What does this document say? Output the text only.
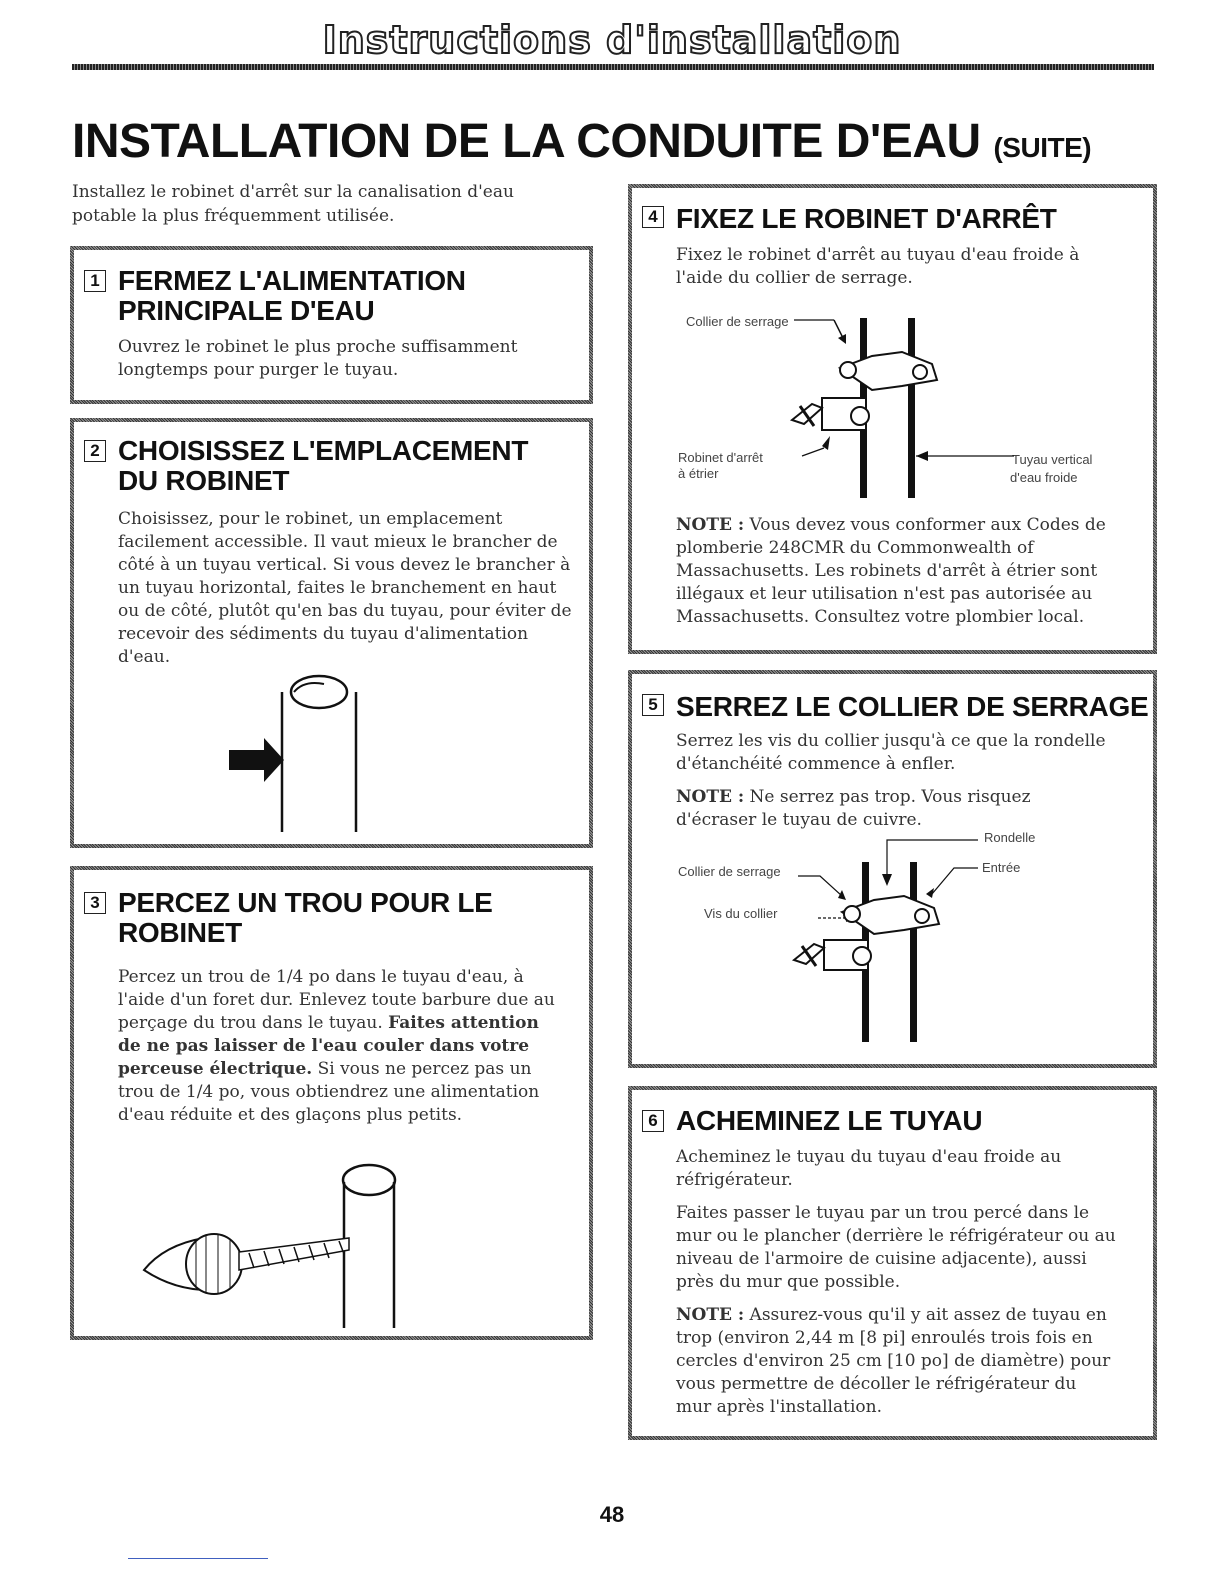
Instructions d'installation
INSTALLATION DE LA CONDUITE D'EAU (SUITE)
Installez le robinet d'arrêt sur la canalisation d'eau potable la plus fréquemment utilisée.
1 FERMEZ L'ALIMENTATION PRINCIPALE D'EAU
Ouvrez le robinet le plus proche suffisamment longtemps pour purger le tuyau.
2 CHOISISSEZ L'EMPLACEMENT DU ROBINET
Choisissez, pour le robinet, un emplacement facilement accessible. Il vaut mieux le brancher de côté à un tuyau vertical. Si vous devez le brancher à un tuyau horizontal, faites le branchement en haut ou de côté, plutôt qu'en bas du tuyau, pour éviter de recevoir des sédiments du tuyau d'alimentation d'eau.
3 PERCEZ UN TROU POUR LE ROBINET
Percez un trou de 1/4 po dans le tuyau d'eau, à l'aide d'un foret dur. Enlevez toute barbure due au perçage du trou dans le tuyau. Faites attention de ne pas laisser de l'eau couler dans votre perceuse électrique. Si vous ne percez pas un trou de 1/4 po, vous obtiendrez une alimentation d'eau réduite et des glaçons plus petits.
4 FIXEZ LE ROBINET D'ARRÊT
Fixez le robinet d'arrêt au tuyau d'eau froide à l'aide du collier de serrage.
Collier de serrage
Robinet d'arrêt
à étrier
Tuyau vertical
d'eau froide
NOTE : Vous devez vous conformer aux Codes de plomberie 248CMR du Commonwealth of Massachusetts. Les robinets d'arrêt à étrier sont illégaux et leur utilisation n'est pas autorisée au Massachusetts. Consultez votre plombier local.
5 SERREZ LE COLLIER DE SERRAGE
Serrez les vis du collier jusqu'à ce que la rondelle d'étanchéité commence à enfler.
NOTE : Ne serrez pas trop. Vous risquez d'écraser le tuyau de cuivre.
Rondelle
Entrée
Collier de serrage
Vis du collier
6 ACHEMINEZ LE TUYAU

Acheminez le tuyau du tuyau d'eau froide au réfrigérateur.

Faites passer le tuyau par un trou percé dans le mur ou le plancher (derrière le réfrigérateur ou au niveau de l'armoire de cuisine adjacente), aussi près du mur que possible.

NOTE : Assurez-vous qu'il y ait assez de tuyau en trop (environ 2,44 m [8 pi] enroulés trois fois en cercles d'environ 25 cm [10 po] de diamètre) pour vous permettre de décoller le réfrigérateur du mur après l'installation.

48
